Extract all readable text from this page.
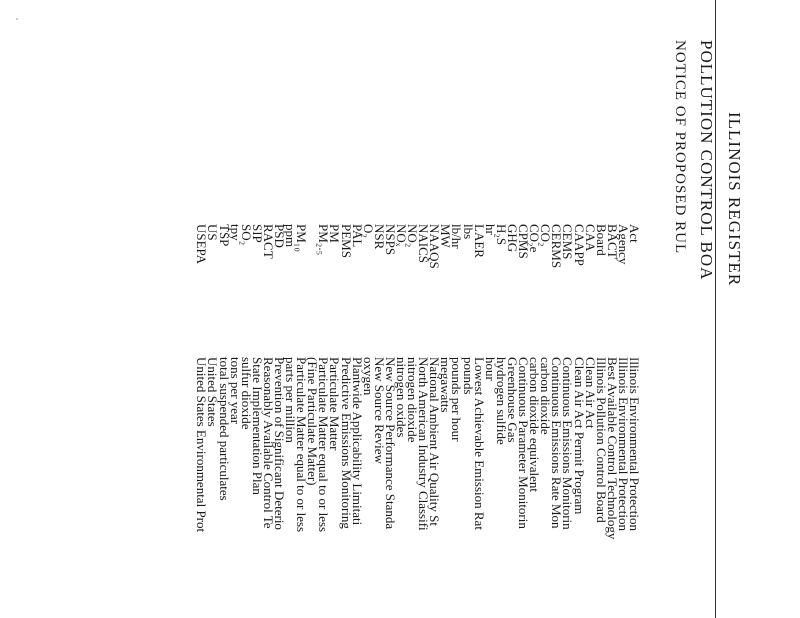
ILLINOIS REGISTER
POLLUTION CONTROL BOA
NOTICE OF PROPOSED RUL
Act
Agency
BACT
Board
CAA
CAAPP
CEMS
CERMS
CO₂
CO₂e
CPMS
GHG
H₂S
hr
LAER
lbs
lb/hr
MW
NAAQS
NAICS
NO₂
NOₓ
NSPS
NSR
O₂
PAL
PEMS
PM
PM₂.₅
PM₁₀
ppm
PSD
RACT
SIP
SO₂
tpy
TSP
US
USEPA
Illinois Environmental Protection
Illinois Environmental Protection
Best Available Control Technology
Illinois Pollution Control Board
Clean Air Act
Clean Air Act Permit Program
Continuous Emissions Monitorin
Continuous Emissions Rate Mon
carbon dioxide
carbon dioxide equivalent
Continuous Parameter Monitorin
Greenhouse Gas
hydrogen sulfide
hour
Lowest Achievable Emission Rat
pounds
pounds per hour
megawatts
National Ambient Air Quality St
North American Industry Classifi
nitrogen dioxide
nitrogen oxides
New Source Performance Standa
New Source Review
oxygen
Plantwide Applicability Limitati
Predictive Emissions Monitoring
Particulate Matter
Particulate Matter equal to or less
(Fine Particulate Matter)
Particulate Matter equal to or less
parts per million
Prevention of Significant Deterio
Reasonably Available Control Te
State Implementation Plan
sulfur dioxide
tons per year
total suspended particulates
United States
United States Environmental Prot
